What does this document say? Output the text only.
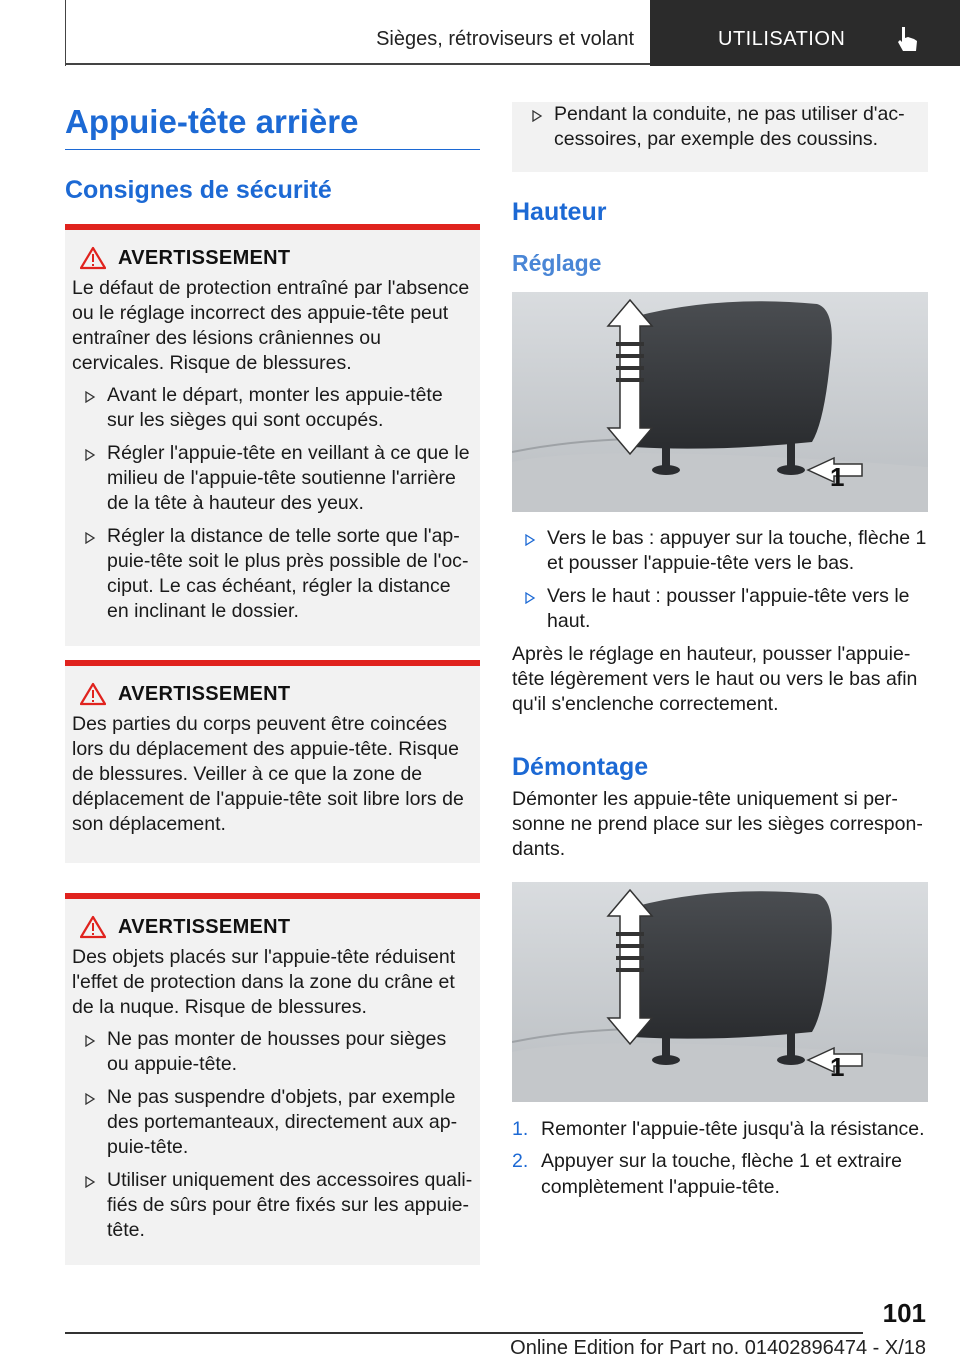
Sièges, rétroviseurs et volant	UTILISATION
Appuie-tête arrière
Consignes de sécurité
AVERTISSEMENT

Le défaut de protection entraîné par l'absence ou le réglage incorrect des appuie-tête peut entraîner des lésions crâniennes ou cervicales. Risque de blessures.

Avant le départ, monter les appuie-tête sur les sièges qui sont occupés.
Régler l'appuie-tête en veillant à ce que le milieu de l'appuie-tête soutienne l'arrière de la tête à hauteur des yeux.
Régler la distance de telle sorte que l'appuie-tête soit le plus près possible de l'occiput. Le cas échéant, régler la distance en inclinant le dossier.
AVERTISSEMENT

Des parties du corps peuvent être coincées lors du déplacement des appuie-tête. Risque de blessures. Veiller à ce que la zone de déplacement de l'appuie-tête soit libre lors de son déplacement.

AVERTISSEMENT

Des objets placés sur l'appuie-tête réduisent l'effet de protection dans la zone du crâne et de la nuque. Risque de blessures.

Ne pas monter de housses pour sièges ou appuie-tête.
Ne pas suspendre d'objets, par exemple des portemanteaux, directement aux appuie-tête.
Utiliser uniquement des accessoires qualifiés de sûrs pour être fixés sur les appuie-tête.
Pendant la conduite, ne pas utiliser d'accessoires, par exemple des coussins.
Hauteur
Réglage
1
Vers le bas : appuyer sur la touche, flèche 1 et pousser l'appuie-tête vers le bas.
Vers le haut : pousser l'appuie-tête vers le haut.

Après le réglage en hauteur, pousser l'appuie-tête légèrement vers le haut ou vers le bas afin qu'il s'enclenche correctement.

Démontage

Démonter les appuie-tête uniquement si personne ne prend place sur les sièges correspondants.

1
1. Remonter l'appuie-tête jusqu'à la résistance.
2. Appuyer sur la touche, flèche 1 et extraire complètement l'appuie-tête.
101
Online Edition for Part no. 01402896474 - X/18
